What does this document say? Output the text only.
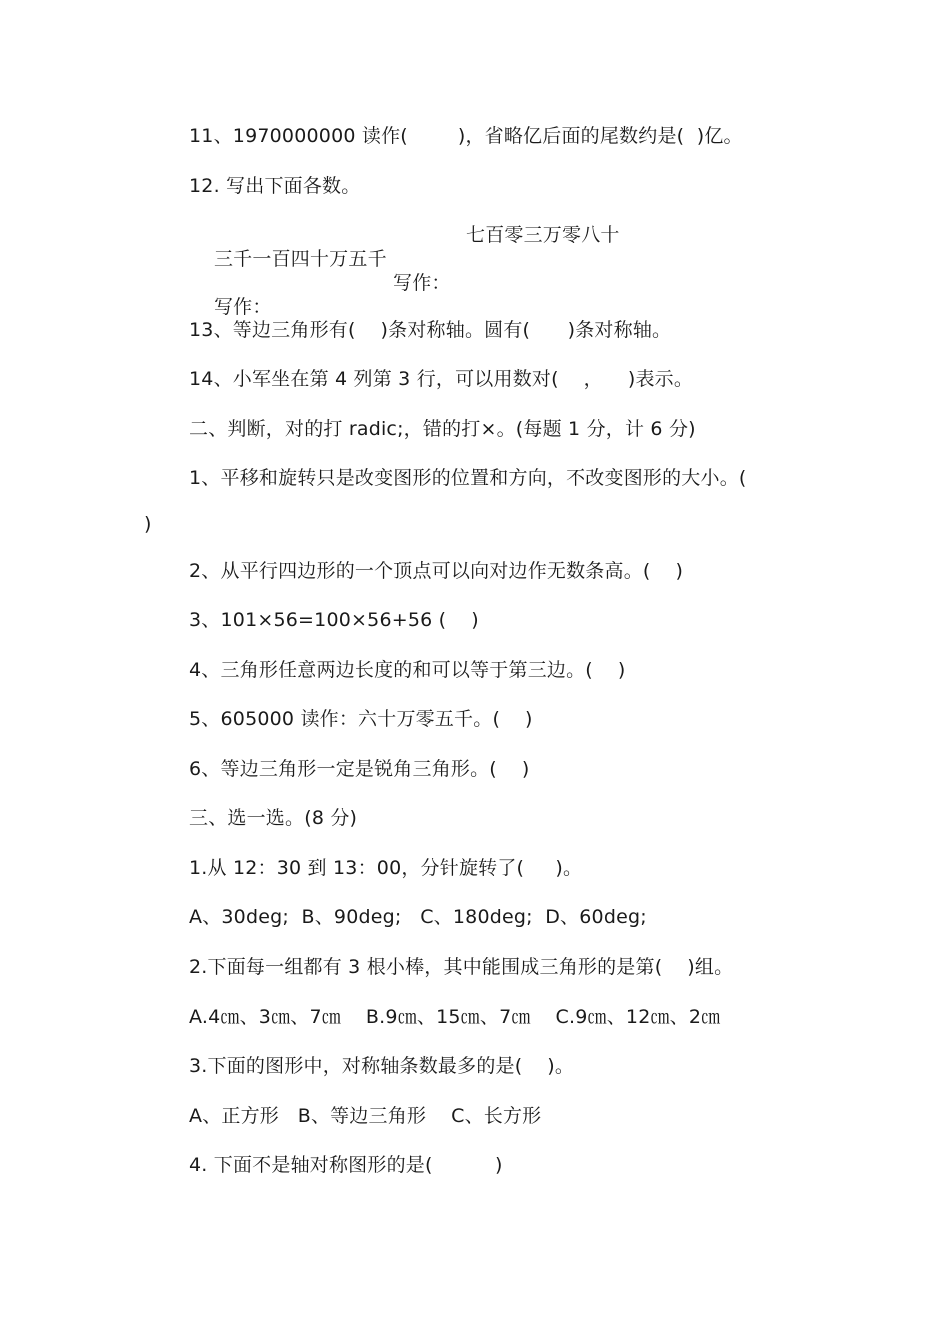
11、1970000000 读作(        )，省略亿后面的尾数约是(  )亿。
12. 写出下面各数。

三千一百四十万五千

七百零三万零八十

写作：

写作：

13、等边三角形有(    )条对称轴。圆有(      )条对称轴。
14、小军坐在第 4 列第 3 行，可以用数对(    ，    )表示。
二、判断，对的打 radic;，错的打×。(每题 1 分，计 6 分)
1、平移和旋转只是改变图形的位置和方向，不改变图形的大小。(
)
2、从平行四边形的一个顶点可以向对边作无数条高。(    )
3、101×56=100×56+56 (    )
4、三角形任意两边长度的和可以等于第三边。(    )
5、605000 读作：六十万零五千。(    )
6、等边三角形一定是锐角三角形。(    )
三、选一选。(8 分)
1.从 12：30 到 13：00，分针旋转了(     )。
A、30deg;  B、90deg;   C、180deg;  D、60deg;
2.下面每一组都有 3 根小棒，其中能围成三角形的是第(    )组。
A.4㎝、3㎝、7㎝    B.9㎝、15㎝、7㎝    C.9㎝、12㎝、2㎝
3.下面的图形中，对称轴条数最多的是(    )。
A、正方形   B、等边三角形    C、长方形
4. 下面不是轴对称图形的是(          )
